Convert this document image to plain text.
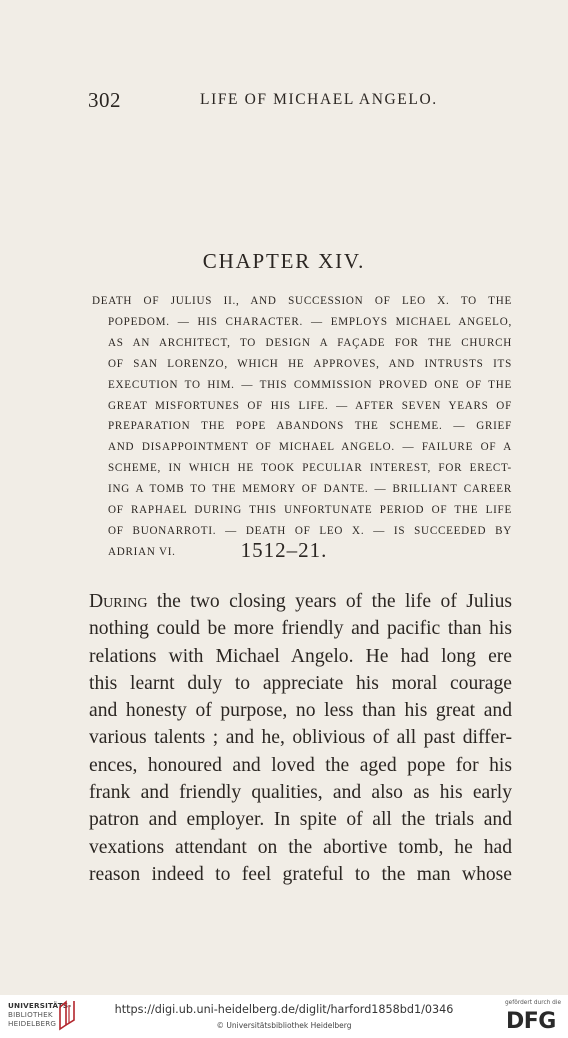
302	LIFE OF MICHAEL ANGELO.
CHAPTER XIV.
DEATH OF JULIUS II., AND SUCCESSION OF LEO X. TO THE
POPEDOM. — HIS CHARACTER. — EMPLOYS MICHAEL ANGELO,
AS AN ARCHITECT, TO DESIGN A FAÇADE FOR THE CHURCH
OF SAN LORENZO, WHICH HE APPROVES, AND INTRUSTS ITS
EXECUTION TO HIM. — THIS COMMISSION PROVED ONE OF THE
GREAT MISFORTUNES OF HIS LIFE. — AFTER SEVEN YEARS OF
PREPARATION THE POPE ABANDONS THE SCHEME. — GRIEF
AND DISAPPOINTMENT OF MICHAEL ANGELO. — FAILURE OF A
SCHEME, IN WHICH HE TOOK PECULIAR INTEREST, FOR ERECT-
ING A TOMB TO THE MEMORY OF DANTE. — BRILLIANT CAREER
OF RAPHAEL DURING THIS UNFORTUNATE PERIOD OF THE LIFE
OF BUONARROTI. — DEATH OF LEO X. — IS SUCCEEDED BY
ADRIAN VI.	1512–21.
During the two closing years of the life of Julius
nothing could be more friendly and pacific than his
relations with Michael Angelo. He had long ere
this learnt duly to appreciate his moral courage
and honesty of purpose, no less than his great and
various talents ; and he, oblivious of all past differ-
ences, honoured and loved the aged pope for his
frank and friendly qualities, and also as his early
patron and employer. In spite of all the trials and
vexations attendant on the abortive tomb, he had
reason indeed to feel grateful to the man whose
UNIVERSITÄTS-
BIBLIOTHEK
HEIDELBERG
https://digi.ub.uni-heidelberg.de/diglit/harford1858bd1/0346
© Universitätsbibliothek Heidelberg
gefördert durch die
DFG
